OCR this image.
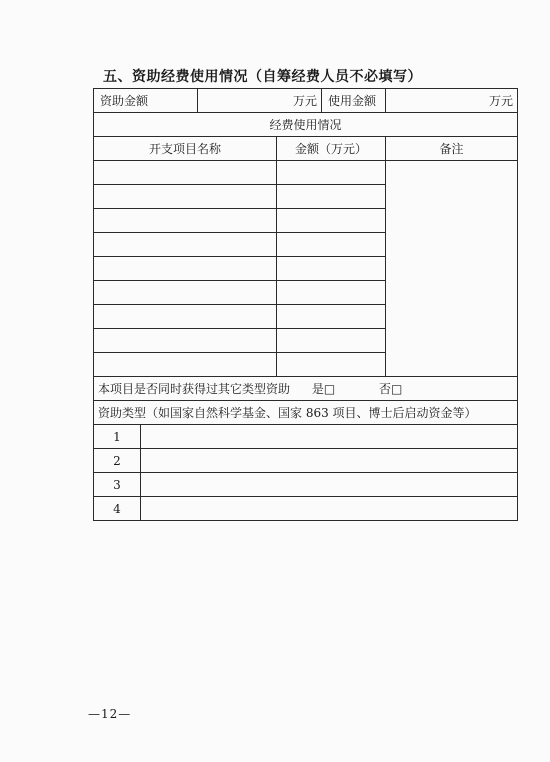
五、资助经费使用情况（自筹经费人员不必填写）
资助金额		万元		使用金额	万元
经费使用情况					
开支项目名称			金额（万元）		备注

本项目是否同时获得过其它类型资助 是□ 否□					
资助类型（如国家自然科学基金、国家 863 项目、博士后启动资金等）					
1					
2					
3					
4					
—12—
